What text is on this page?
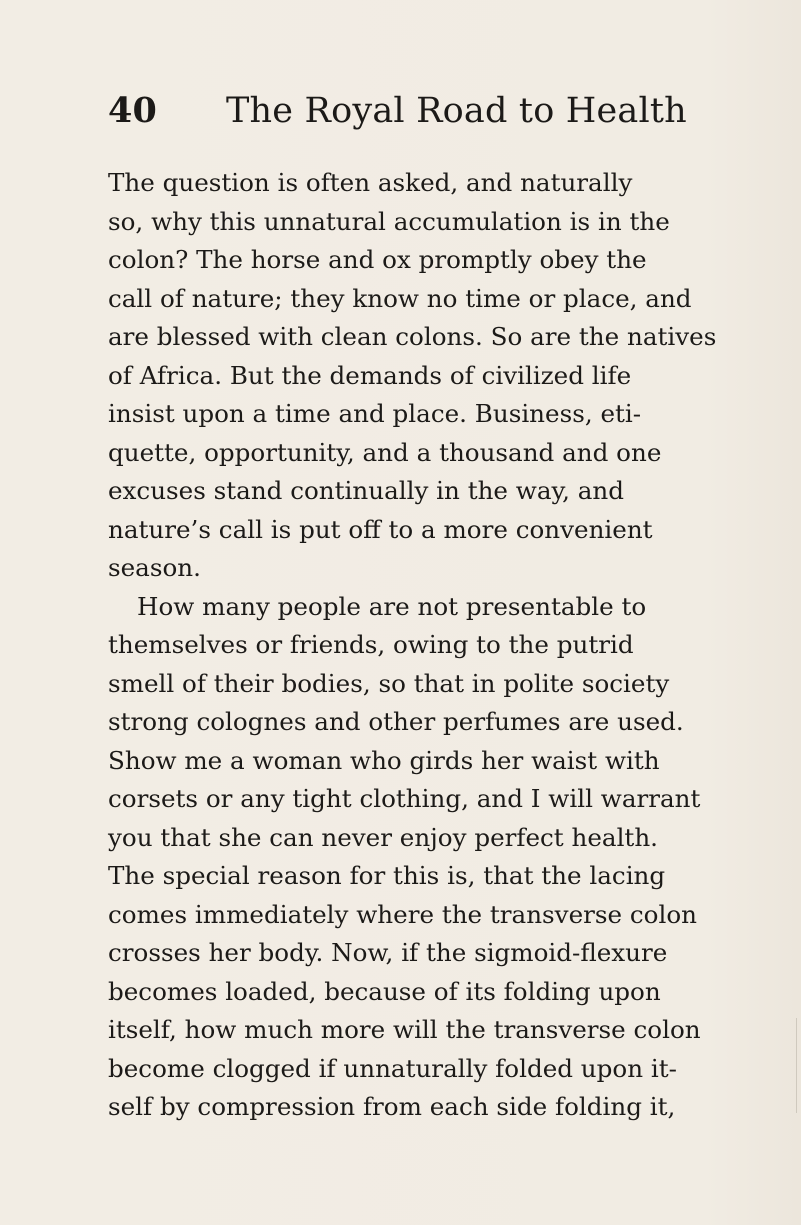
40 The Royal Road to Health
The question is often asked, and naturally
so, why this unnatural accumulation is in the
colon? The horse and ox promptly obey the
call of nature; they know no time or place, and
are blessed with clean colons. So are the natives
of Africa. But the demands of civilized life
insist upon a time and place. Business, eti-
quette, opportunity, and a thousand and one
excuses stand continually in the way, and
nature’s call is put off to a more convenient
season.
How many people are not presentable to
themselves or friends, owing to the putrid
smell of their bodies, so that in polite society
strong colognes and other perfumes are used.
Show me a woman who girds her waist with
corsets or any tight clothing, and I will warrant
you that she can never enjoy perfect health.
The special reason for this is, that the lacing
comes immediately where the transverse colon
crosses her body. Now, if the sigmoid-flexure
becomes loaded, because of its folding upon
itself, how much more will the transverse colon
become clogged if unnaturally folded upon it-
self by compression from each side folding it,
